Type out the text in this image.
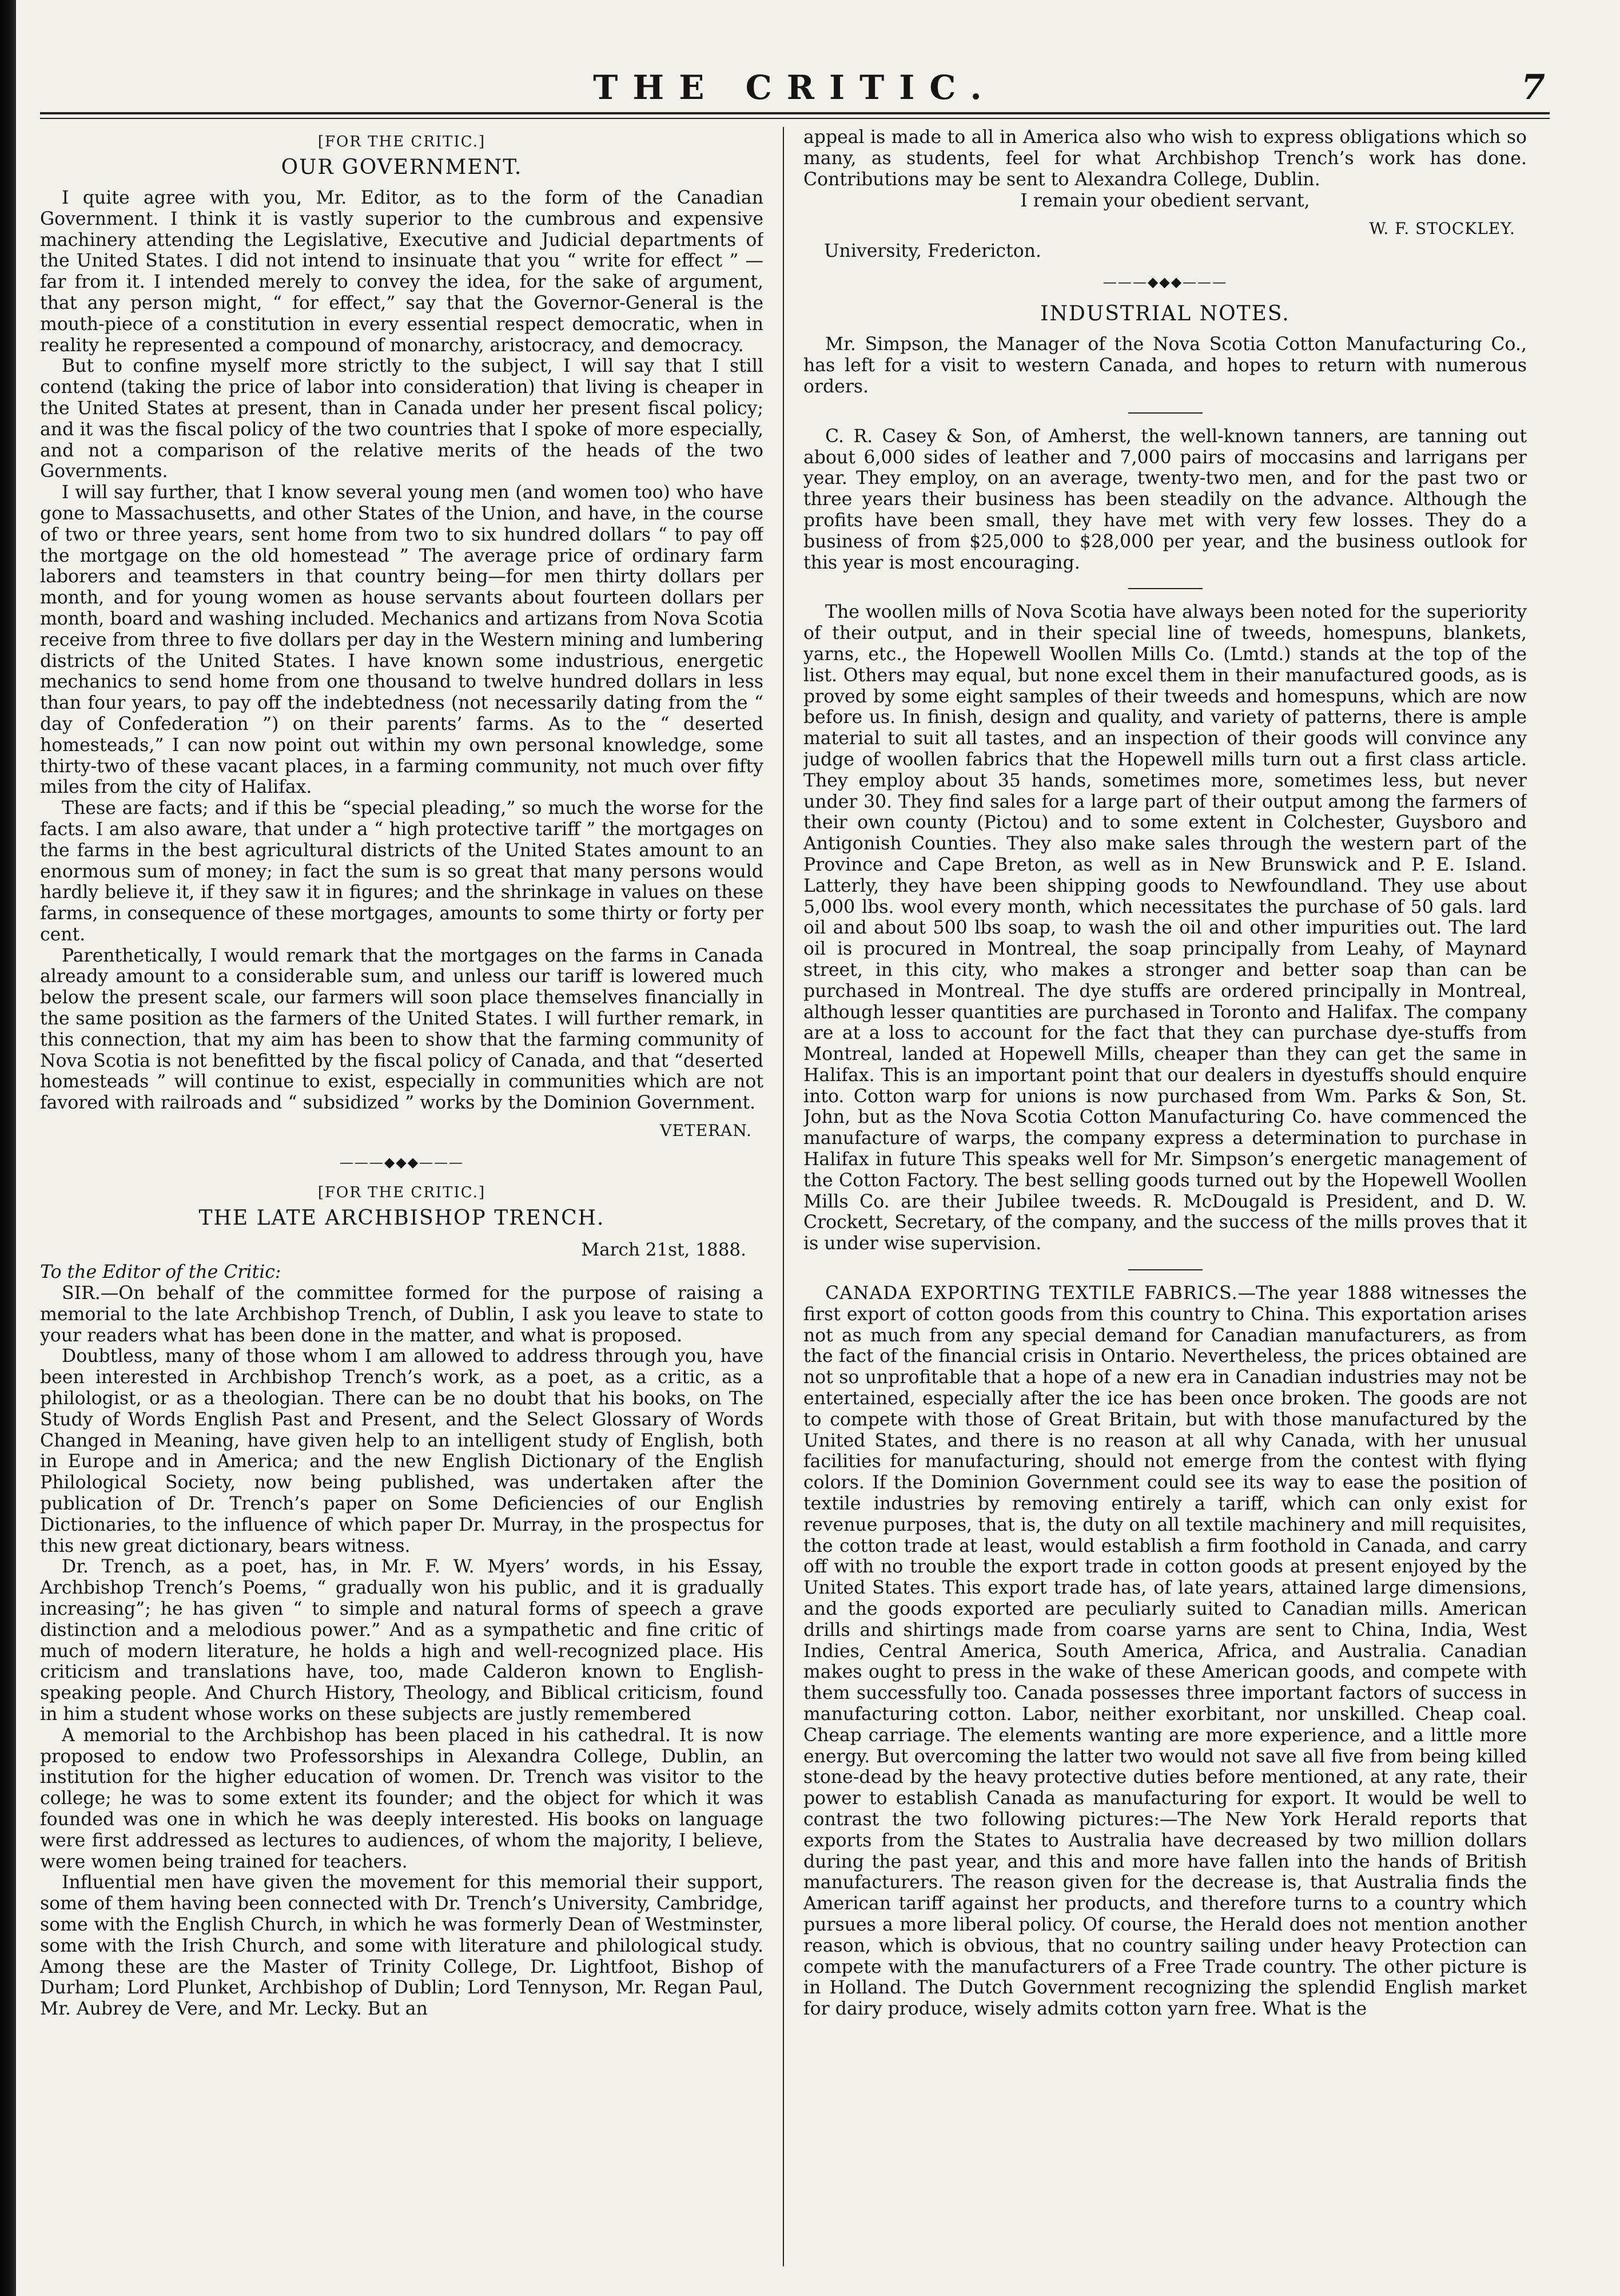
THE CRITIC.	7
[FOR THE CRITIC.]
OUR GOVERNMENT.

I quite agree with you, Mr. Editor, as to the form of the Canadian Government. I think it is vastly superior to the cumbrous and expensive machinery attending the Legislative, Executive and Judicial departments of the United States. I did not intend to insinuate that you “ write for effect ” —far from it. I intended merely to convey the idea, for the sake of argument, that any person might, “ for effect,” say that the Governor-General is the mouth-piece of a constitution in every essential respect democratic, when in reality he represented a compound of monarchy, aristocracy, and democracy.

But to confine myself more strictly to the subject, I will say that I still contend (taking the price of labor into consideration) that living is cheaper in the United States at present, than in Canada under her present fiscal policy; and it was the fiscal policy of the two countries that I spoke of more especially, and not a comparison of the relative merits of the heads of the two Governments.

I will say further, that I know several young men (and women too) who have gone to Massachusetts, and other States of the Union, and have, in the course of two or three years, sent home from two to six hundred dollars “ to pay off the mortgage on the old homestead ” The average price of ordinary farm laborers and teamsters in that country being—for men thirty dollars per month, and for young women as house servants about fourteen dollars per month, board and washing included. Mechanics and artizans from Nova Scotia receive from three to five dollars per day in the Western mining and lumbering districts of the United States. I have known some industrious, energetic mechanics to send home from one thousand to twelve hundred dollars in less than four years, to pay off the indebtedness (not necessarily dating from the “ day of Confederation ”) on their parents’ farms. As to the “ deserted homesteads,” I can now point out within my own personal knowledge, some thirty-two of these vacant places, in a farming community, not much over fifty miles from the city of Halifax.

These are facts; and if this be “special pleading,” so much the worse for the facts. I am also aware, that under a “ high protective tariff ” the mortgages on the farms in the best agricultural districts of the United States amount to an enormous sum of money; in fact the sum is so great that many persons would hardly believe it, if they saw it in figures; and the shrinkage in values on these farms, in consequence of these mortgages, amounts to some thirty or forty per cent.

Parenthetically, I would remark that the mortgages on the farms in Canada already amount to a considerable sum, and unless our tariff is lowered much below the present scale, our farmers will soon place themselves financially in the same position as the farmers of the United States. I will further remark, in this connection, that my aim has been to show that the farming community of Nova Scotia is not benefitted by the fiscal policy of Canada, and that “deserted homesteads ” will continue to exist, especially in communities which are not favored with railroads and “ subsidized ” works by the Dominion Government.

VETERAN.
———◆◆◆———
[FOR THE CRITIC.]
THE LATE ARCHBISHOP TRENCH.
March 21st, 1888.
To the Editor of the Critic:

SIR.—On behalf of the committee formed for the purpose of raising a memorial to the late Archbishop Trench, of Dublin, I ask you leave to state to your readers what has been done in the matter, and what is proposed.

Doubtless, many of those whom I am allowed to address through you, have been interested in Archbishop Trench’s work, as a poet, as a critic, as a philologist, or as a theologian. There can be no doubt that his books, on The Study of Words English Past and Present, and the Select Glossary of Words Changed in Meaning, have given help to an intelligent study of English, both in Europe and in America; and the new English Dictionary of the English Philological Society, now being published, was undertaken after the publication of Dr. Trench’s paper on Some Deficiencies of our English Dictionaries, to the influence of which paper Dr. Murray, in the prospectus for this new great dictionary, bears witness.

Dr. Trench, as a poet, has, in Mr. F. W. Myers’ words, in his Essay, Archbishop Trench’s Poems, “ gradually won his public, and it is gradually increasing”; he has given “ to simple and natural forms of speech a grave distinction and a melodious power.” And as a sympathetic and fine critic of much of modern literature, he holds a high and well-recognized place. His criticism and translations have, too, made Calderon known to English-speaking people. And Church History, Theology, and Biblical criticism, found in him a student whose works on these subjects are justly remembered

A memorial to the Archbishop has been placed in his cathedral. It is now proposed to endow two Professorships in Alexandra College, Dublin, an institution for the higher education of women. Dr. Trench was visitor to the college; he was to some extent its founder; and the object for which it was founded was one in which he was deeply interested. His books on language were first addressed as lectures to audiences, of whom the majority, I believe, were women being trained for teachers.

Influential men have given the movement for this memorial their support, some of them having been connected with Dr. Trench’s University, Cambridge, some with the English Church, in which he was formerly Dean of Westminster, some with the Irish Church, and some with literature and philological study. Among these are the Master of Trinity College, Dr. Lightfoot, Bishop of Durham; Lord Plunket, Archbishop of Dublin; Lord Tennyson, Mr. Regan Paul, Mr. Aubrey de Vere, and Mr. Lecky. But an

appeal is made to all in America also who wish to express obligations which so many, as students, feel for what Archbishop Trench’s work has done. Contributions may be sent to Alexandra College, Dublin.

I remain your obedient servant,
W. F. STOCKLEY.
University, Fredericton.
———◆◆◆———
INDUSTRIAL NOTES.

Mr. Simpson, the Manager of the Nova Scotia Cotton Manufacturing Co., has left for a visit to western Canada, and hopes to return with numerous orders.

C. R. Casey & Son, of Amherst, the well-known tanners, are tanning out about 6,000 sides of leather and 7,000 pairs of moccasins and larrigans per year. They employ, on an average, twenty-two men, and for the past two or three years their business has been steadily on the advance. Although the profits have been small, they have met with very few losses. They do a business of from $25,000 to $28,000 per year, and the business outlook for this year is most encouraging.

The woollen mills of Nova Scotia have always been noted for the superiority of their output, and in their special line of tweeds, homespuns, blankets, yarns, etc., the Hopewell Woollen Mills Co. (Lmtd.) stands at the top of the list. Others may equal, but none excel them in their manufactured goods, as is proved by some eight samples of their tweeds and homespuns, which are now before us. In finish, design and quality, and variety of patterns, there is ample material to suit all tastes, and an inspection of their goods will convince any judge of woollen fabrics that the Hopewell mills turn out a first class article. They employ about 35 hands, sometimes more, sometimes less, but never under 30. They find sales for a large part of their output among the farmers of their own county (Pictou) and to some extent in Colchester, Guysboro and Antigonish Counties. They also make sales through the western part of the Province and Cape Breton, as well as in New Brunswick and P. E. Island. Latterly, they have been shipping goods to Newfoundland. They use about 5,000 lbs. wool every month, which necessitates the purchase of 50 gals. lard oil and about 500 lbs soap, to wash the oil and other impurities out. The lard oil is procured in Montreal, the soap principally from Leahy, of Maynard street, in this city, who makes a stronger and better soap than can be purchased in Montreal. The dye stuffs are ordered principally in Montreal, although lesser quantities are purchased in Toronto and Halifax. The company are at a loss to account for the fact that they can purchase dye-stuffs from Montreal, landed at Hopewell Mills, cheaper than they can get the same in Halifax. This is an important point that our dealers in dyestuffs should enquire into. Cotton warp for unions is now purchased from Wm. Parks & Son, St. John, but as the Nova Scotia Cotton Manufacturing Co. have commenced the manufacture of warps, the company express a determination to purchase in Halifax in future This speaks well for Mr. Simpson’s energetic management of the Cotton Factory. The best selling goods turned out by the Hopewell Woollen Mills Co. are their Jubilee tweeds. R. McDougald is President, and D. W. Crockett, Secretary, of the company, and the success of the mills proves that it is under wise supervision.

CANADA EXPORTING TEXTILE FABRICS.—The year 1888 witnesses the first export of cotton goods from this country to China. This exportation arises not as much from any special demand for Canadian manufacturers, as from the fact of the financial crisis in Ontario. Nevertheless, the prices obtained are not so unprofitable that a hope of a new era in Canadian industries may not be entertained, especially after the ice has been once broken. The goods are not to compete with those of Great Britain, but with those manufactured by the United States, and there is no reason at all why Canada, with her unusual facilities for manufacturing, should not emerge from the contest with flying colors. If the Dominion Government could see its way to ease the position of textile industries by removing entirely a tariff, which can only exist for revenue purposes, that is, the duty on all textile machinery and mill requisites, the cotton trade at least, would establish a firm foothold in Canada, and carry off with no trouble the export trade in cotton goods at present enjoyed by the United States. This export trade has, of late years, attained large dimensions, and the goods exported are peculiarly suited to Canadian mills. American drills and shirtings made from coarse yarns are sent to China, India, West Indies, Central America, South America, Africa, and Australia. Canadian makes ought to press in the wake of these American goods, and compete with them successfully too. Canada possesses three important factors of success in manufacturing cotton. Labor, neither exorbitant, nor unskilled. Cheap coal. Cheap carriage. The elements wanting are more experience, and a little more energy. But overcoming the latter two would not save all five from being killed stone-dead by the heavy protective duties before mentioned, at any rate, their power to establish Canada as manufacturing for export. It would be well to contrast the two following pictures:—The New York Herald reports that exports from the States to Australia have decreased by two million dollars during the past year, and this and more have fallen into the hands of British manufacturers. The reason given for the decrease is, that Australia finds the American tariff against her products, and therefore turns to a country which pursues a more liberal policy. Of course, the Herald does not mention another reason, which is obvious, that no country sailing under heavy Protection can compete with the manufacturers of a Free Trade country. The other picture is in Holland. The Dutch Government recognizing the splendid English market for dairy produce, wisely admits cotton yarn free. What is the
